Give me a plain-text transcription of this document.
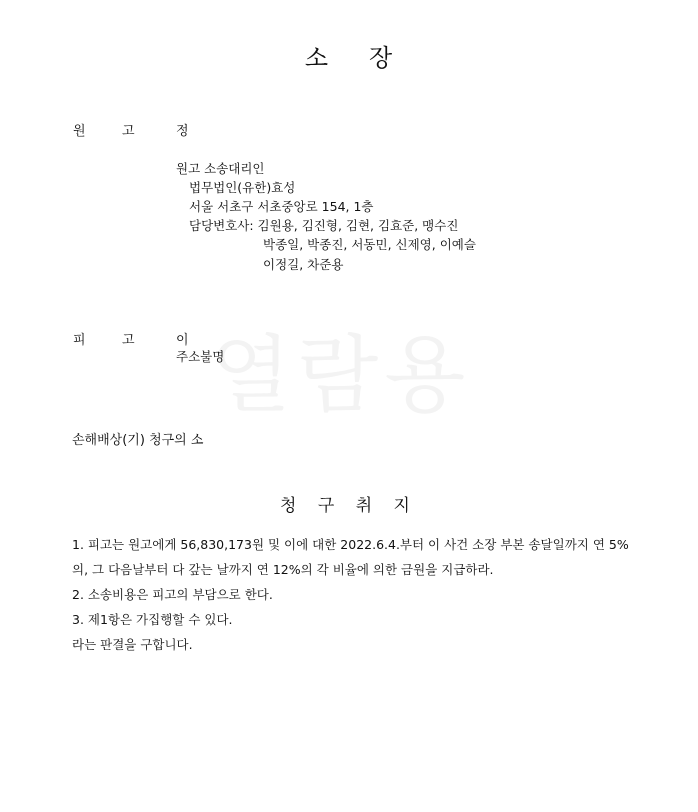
열람용
소 장
원	고	정
원고 소송대리인
법무법인(유한)효성
서울 서초구 서초중앙로 154, 1층
담당변호사: 김원용, 김진형, 김현, 김효준, 맹수진
박종일, 박종진, 서동민, 신제영, 이예슬
이정길, 차준용
피	고	이
주소불명
손해배상(기) 청구의 소
청 구 취 지
1. 피고는 원고에게 56,830,173원 및 이에 대한 2022.6.4.부터 이 사건 소장 부본 송달일까지 연 5%
의, 그 다음날부터 다 갚는 날까지 연 12%의 각 비율에 의한 금원을 지급하라.
2. 소송비용은 피고의 부담으로 한다.
3. 제1항은 가집행할 수 있다.
라는 판결을 구합니다.
